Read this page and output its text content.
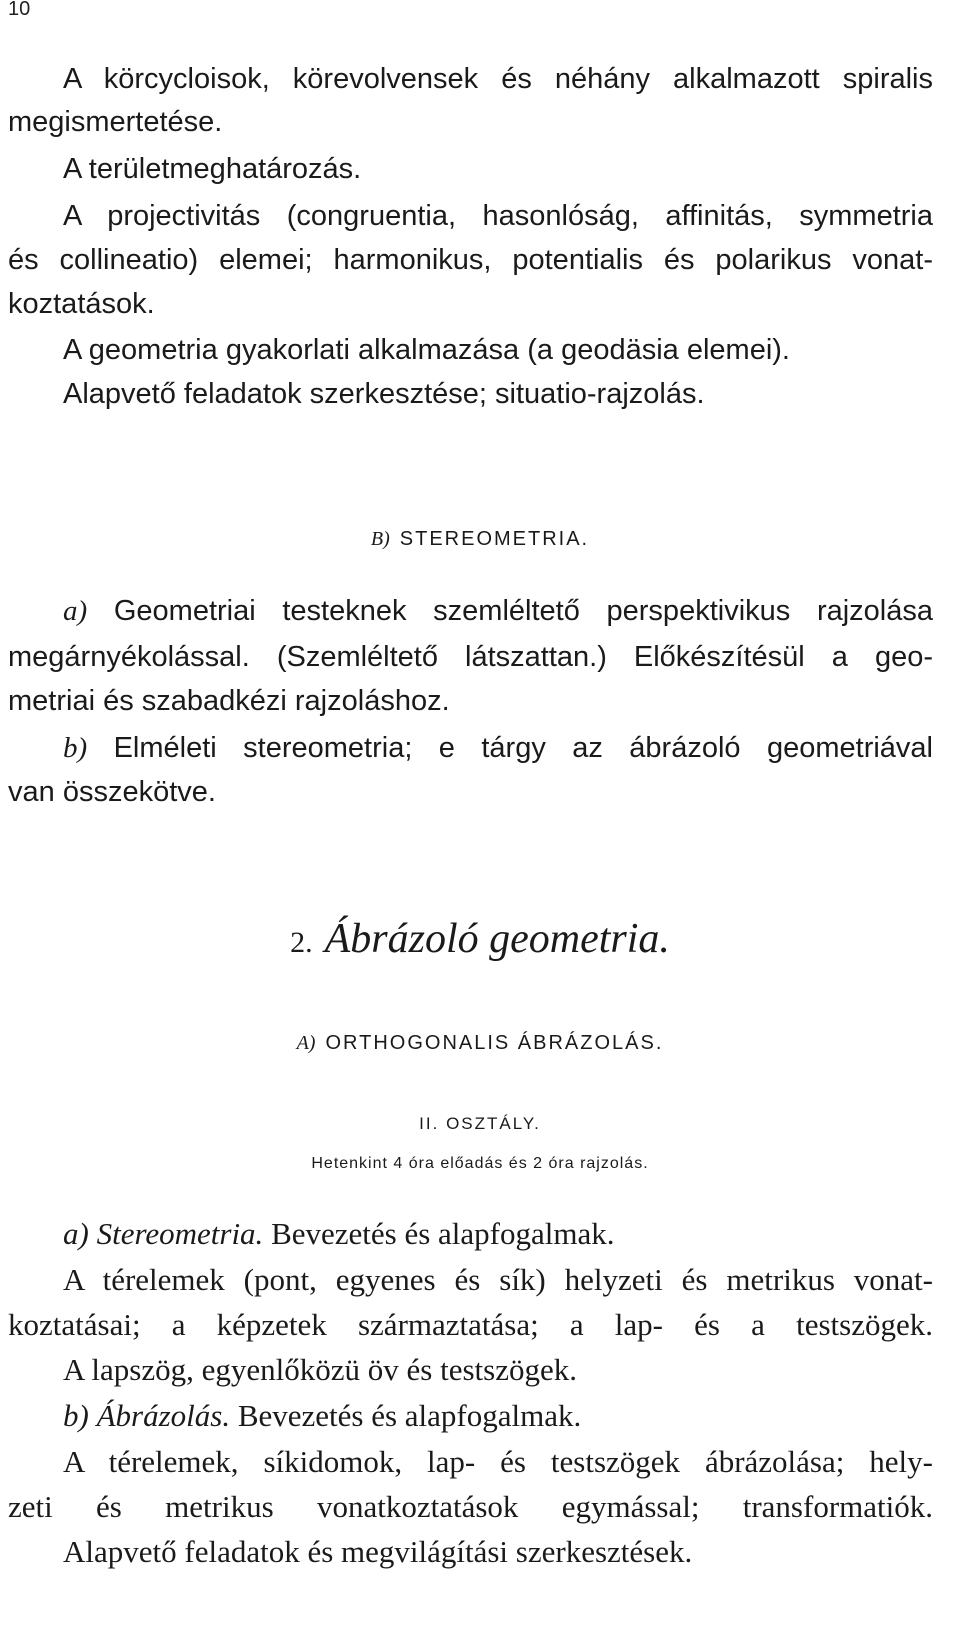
10
A körcycloisok, körevolvensek és néhány alkalmazott spiralis
megismertetése.
A területmeghatározás.
A projectivitás (congruentia, hasonlóság, affinitás, symmetria
és collineatio) elemei; harmonikus, potentialis és polarikus vonat-
koztatások.
A geometria gyakorlati alkalmazása (a geodäsia elemei).
Alapvető feladatok szerkesztése; situatio-rajzolás.
B) STEREOMETRIA.
a) Geometriai testeknek szemléltető perspektivikus rajzolása
megárnyékolással. (Szemléltető látszattan.) Előkészítésül a geo-
metriai és szabadkézi rajzoláshoz.
b) Elméleti stereometria; e tárgy az ábrázoló geometriával
van összekötve.
2. Ábrázoló geometria.
A) ORTHOGONALIS ÁBRÁZOLÁS.
II. OSZTÁLY.
Hetenkint 4 óra előadás és 2 óra rajzolás.
a) Stereometria. Bevezetés és alapfogalmak.
A térelemek (pont, egyenes és sík) helyzeti és metrikus vonat-
koztatásai; a képzetek származtatása; a lap- és a testszögek.
A lapszög, egyenlőközü öv és testszögek.
b) Ábrázolás. Bevezetés és alapfogalmak.
A térelemek, síkidomok, lap- és testszögek ábrázolása; hely-
zeti és metrikus vonatkoztatások egymással; transformatiók.
Alapvető feladatok és megvilágítási szerkesztések.
